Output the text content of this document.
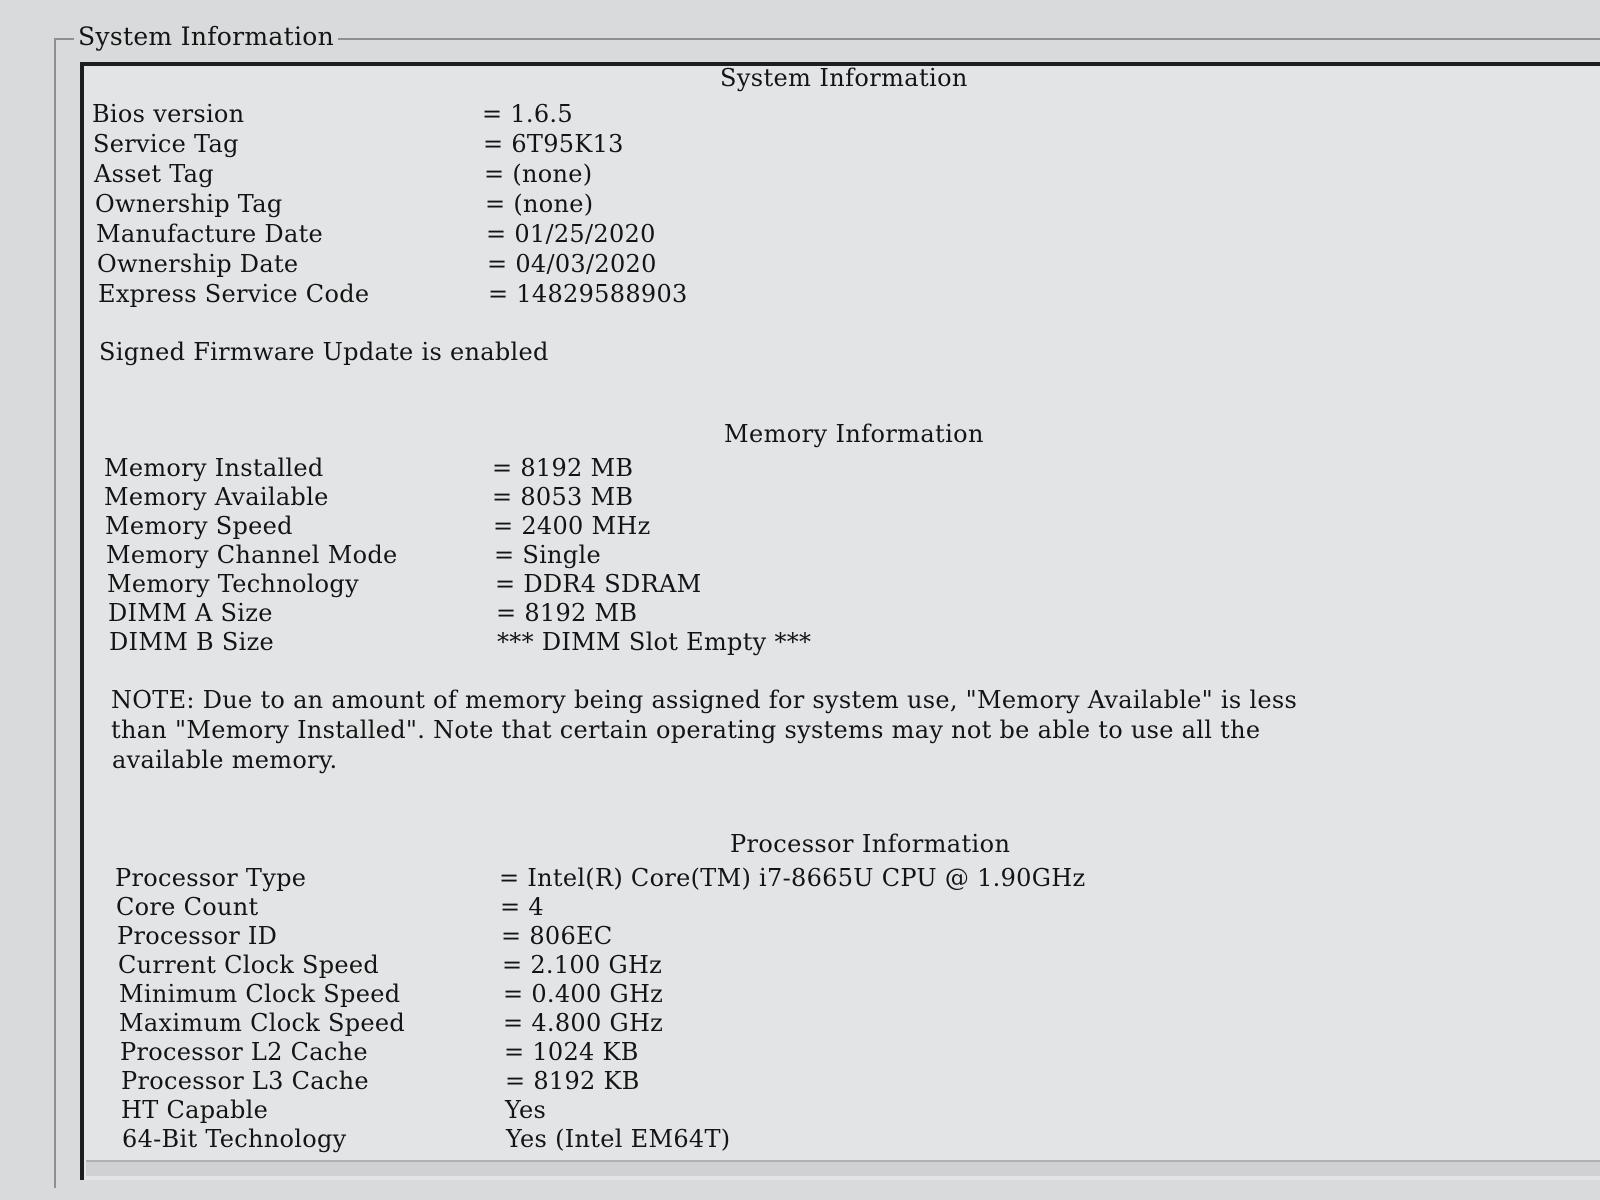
System Information
System Information
Bios version	= 1.6.5
Service Tag	= 6T95K13
Asset Tag	= (none)
Ownership Tag	= (none)
Manufacture Date	= 01/25/2020
Ownership Date	= 04/03/2020
Express Service Code	= 14829588903
Signed Firmware Update is enabled
Memory Information
Memory Installed	= 8192 MB
Memory Available	= 8053 MB
Memory Speed	= 2400 MHz
Memory Channel Mode	= Single
Memory Technology	= DDR4 SDRAM
DIMM A Size	= 8192 MB
DIMM B Size	*** DIMM Slot Empty ***
NOTE: Due to an amount of memory being assigned for system use, "Memory Available" is less
than "Memory Installed". Note that certain operating systems may not be able to use all the
available memory.
Processor Information
Processor Type	= Intel(R) Core(TM) i7-8665U CPU @ 1.90GHz
Core Count	= 4
Processor ID	= 806EC
Current Clock Speed	= 2.100 GHz
Minimum Clock Speed	= 0.400 GHz
Maximum Clock Speed	= 4.800 GHz
Processor L2 Cache	= 1024 KB
Processor L3 Cache	= 8192 KB
HT Capable	Yes
64-Bit Technology	Yes (Intel EM64T)
